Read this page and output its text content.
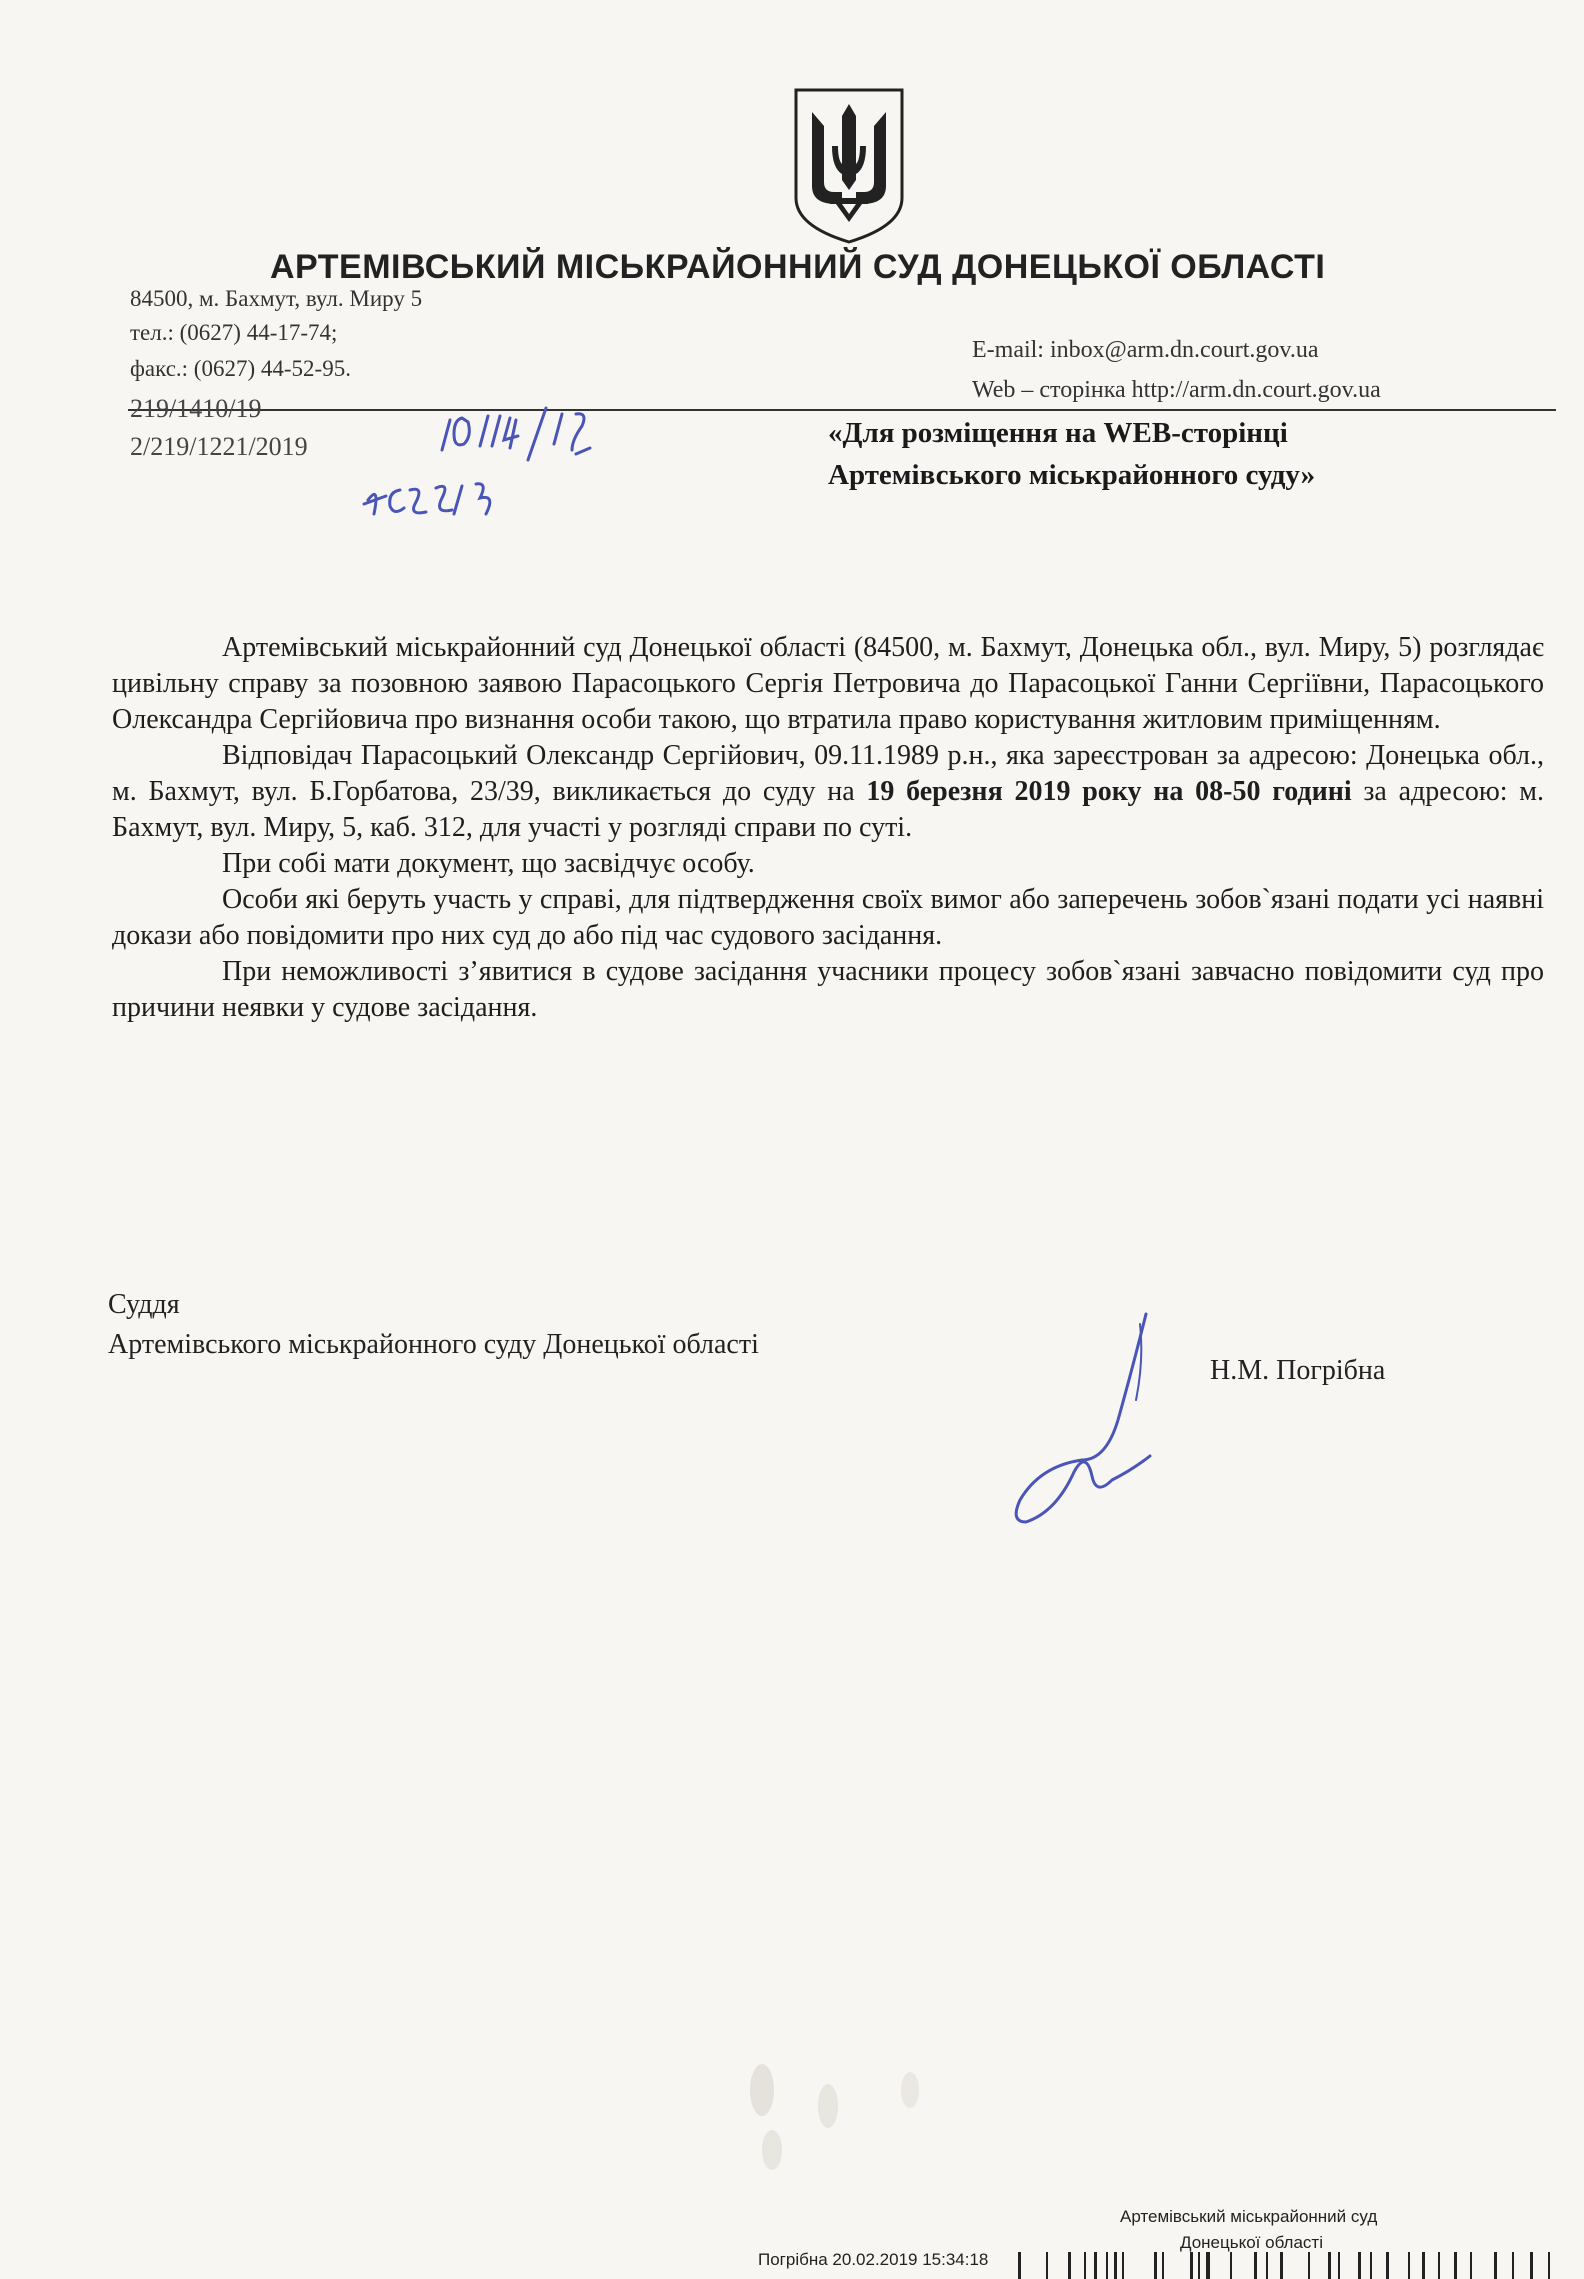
АРТЕМІВСЬКИЙ МІСЬКРАЙОННИЙ СУД ДОНЕЦЬКОЇ ОБЛАСТІ
84500, м. Бахмут, вул. Миру 5
тел.: (0627) 44-17-74;
факс.: (0627) 44-52-95.
E-mail: inbox@arm.dn.court.gov.ua
Web – сторінка http://arm.dn.court.gov.ua
219/1410/19
2/219/1221/2019	«Для розміщення на WEB-сторінці
Артемівського міськрайонного суду»

Артемівський міськрайонний суд Донецької області (84500, м. Бахмут, Донецька обл., вул. Миру, 5) розглядає цивільну справу за позовною заявою Парасоцького Сергія Петровича до Парасоцької Ганни Сергіївни, Парасоцького Олександра Сергійовича про визнання особи такою, що втратила право користування житловим приміщенням.

Відповідач Парасоцький Олександр Сергійович, 09.11.1989 р.н., яка зареєстрован за адресою: Донецька обл., м. Бахмут, вул. Б.Горбатова, 23/39, викликається до суду на 19 березня 2019 року на 08-50 годині за адресою: м. Бахмут, вул. Миру, 5, каб. 312, для участі у розгляді справи по суті.

При собі мати документ, що засвідчує особу.

Особи які беруть участь у справі, для підтвердження своїх вимог або заперечень зобов`язані подати усі наявні докази або повідомити про них суд до або під час судового засідання.

При неможливості з’явитися в судове засідання учасники процесу зобов`язані завчасно повідомити суд про причини неявки у судове засідання.

Суддя
Артемівського міськрайонного суду Донецької області
Н.М. Погрібна
Артемівський міськрайонний суд
Донецької області
Погрібна 20.02.2019 15:34:18
